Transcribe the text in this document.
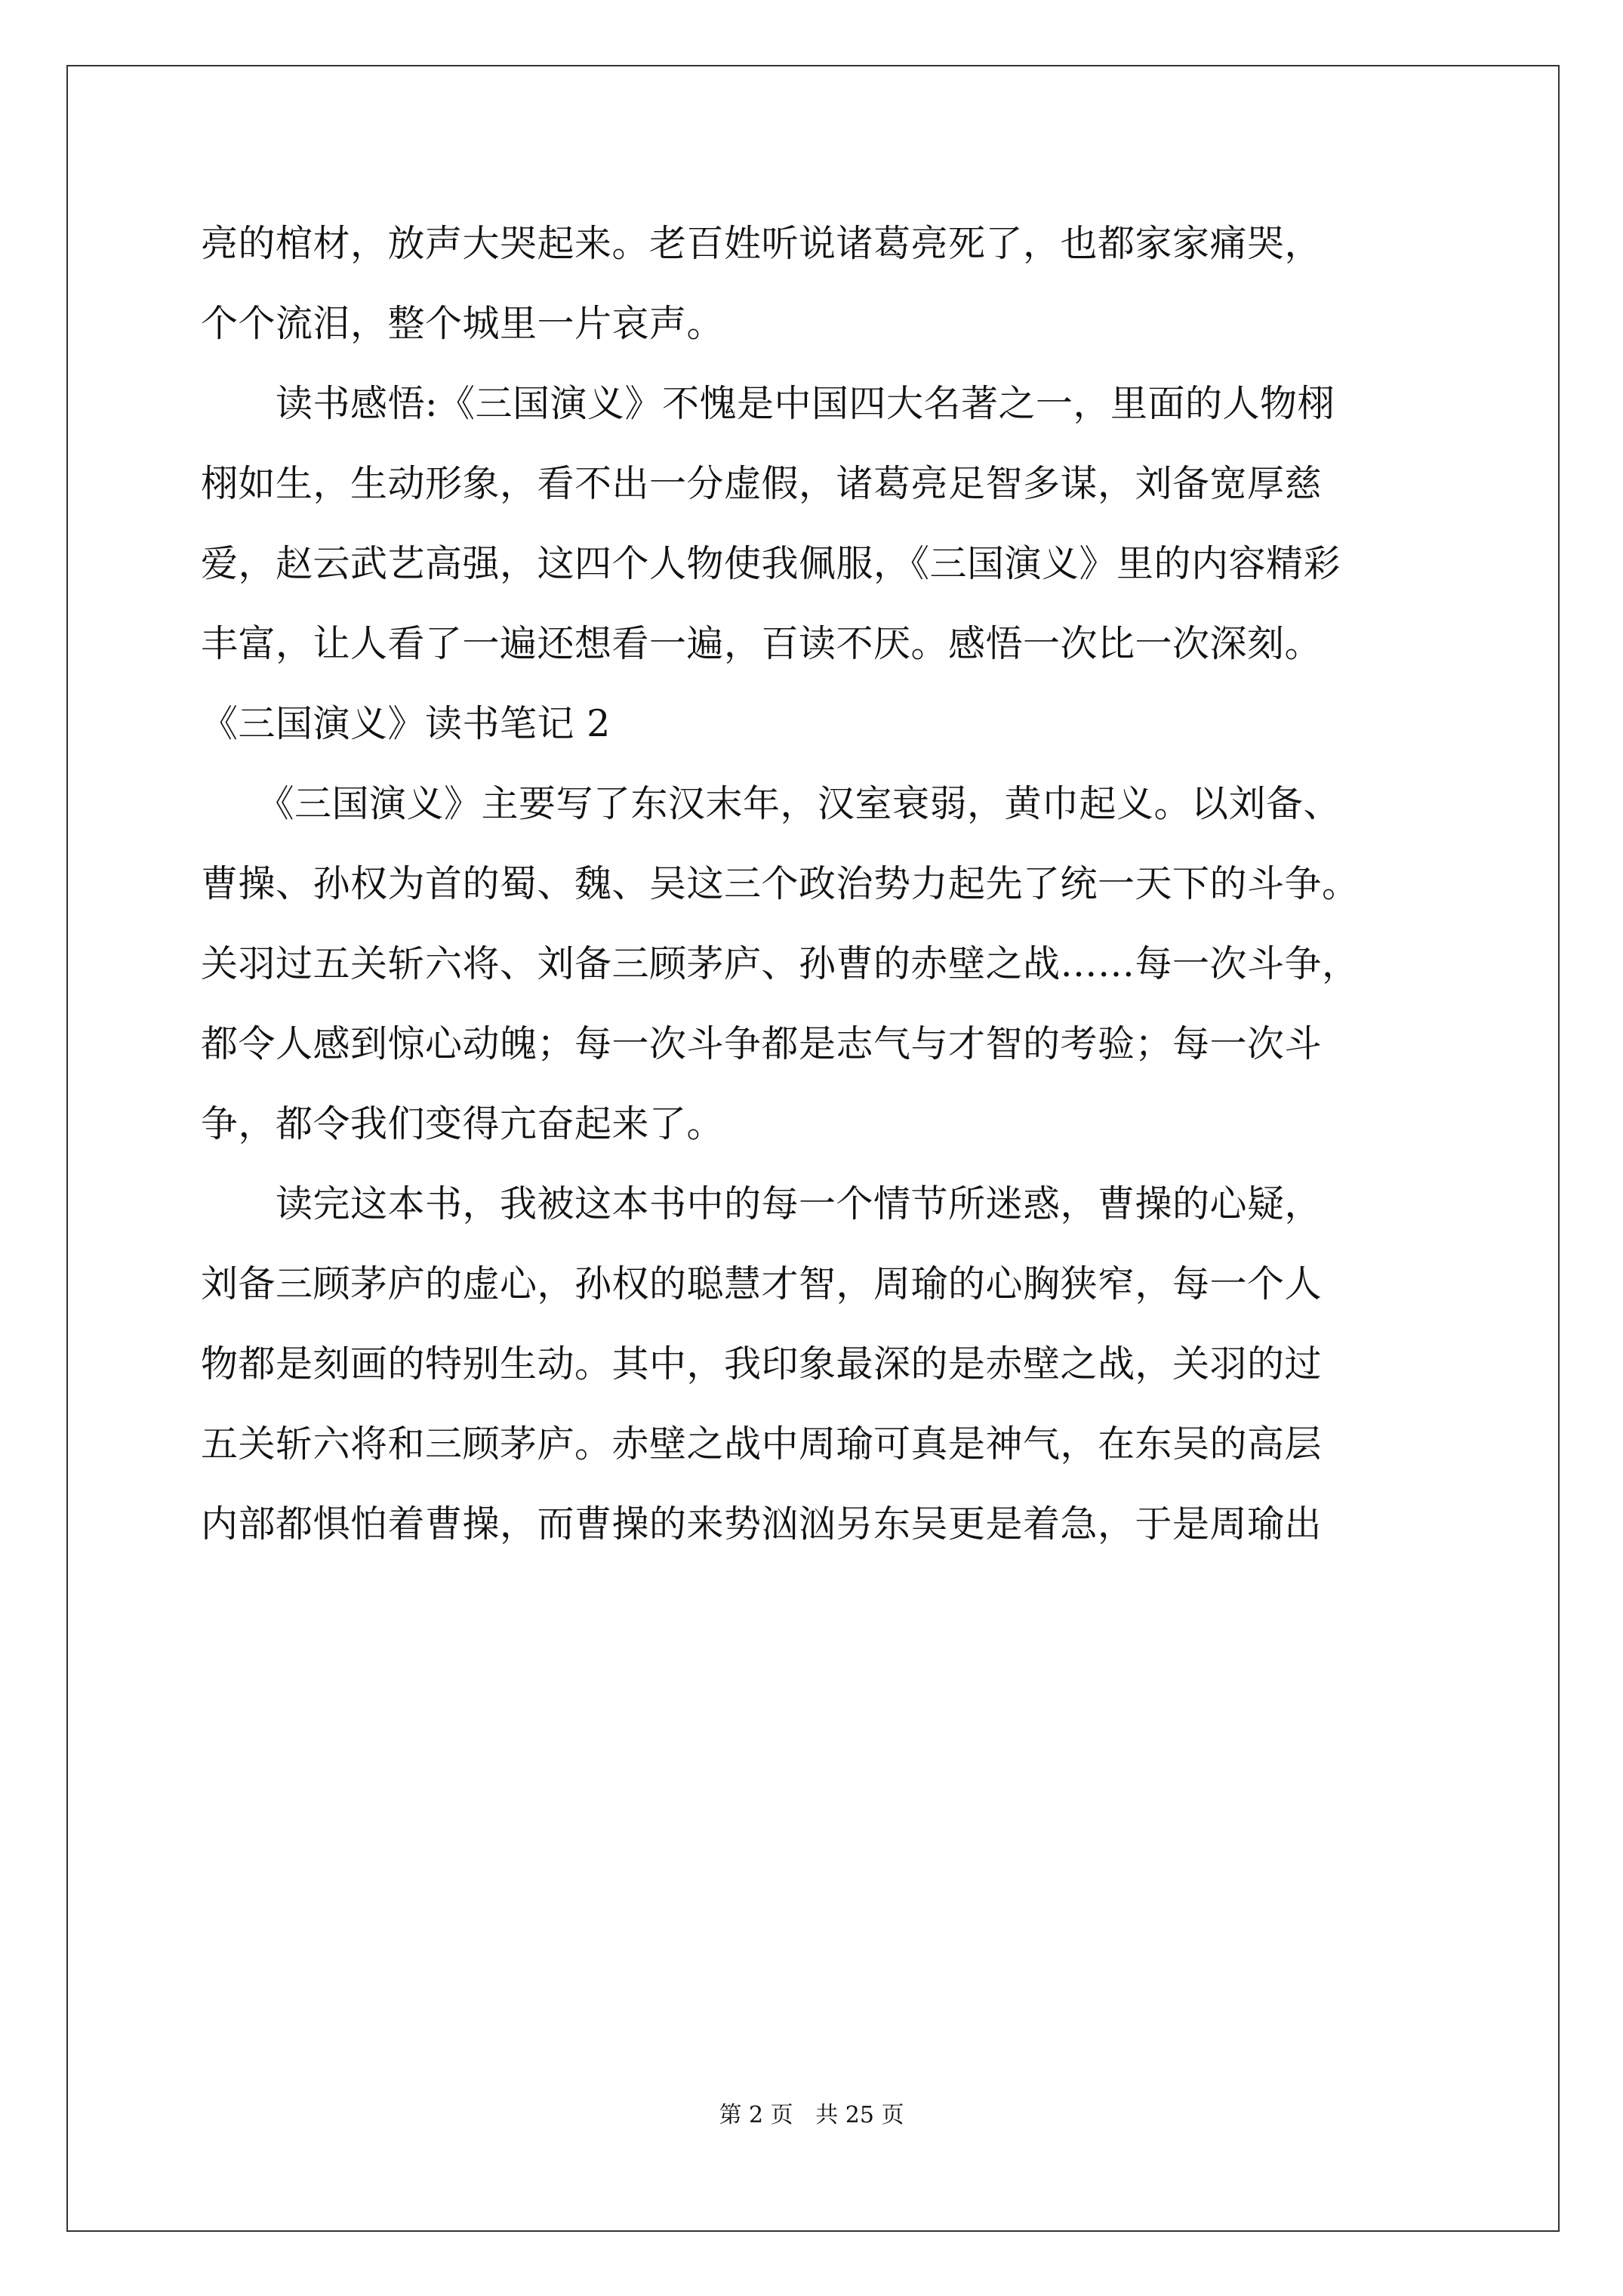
亮的棺材，放声大哭起来。老百姓听说诸葛亮死了，也都家家痛哭，
个个流泪，整个城里一片哀声。
　　读书感悟:《三国演义》不愧是中国四大名著之一，里面的人物栩
栩如生，生动形象，看不出一分虚假，诸葛亮足智多谋，刘备宽厚慈
爱，赵云武艺高强，这四个人物使我佩服，《三国演义》里的内容精彩
丰富，让人看了一遍还想看一遍，百读不厌。感悟一次比一次深刻。
《三国演义》读书笔记 2
　　《三国演义》主要写了东汉末年，汉室衰弱，黄巾起义。以刘备、
曹操、孙权为首的蜀、魏、吴这三个政治势力起先了统一天下的斗争。
关羽过五关斩六将、刘备三顾茅庐、孙曹的赤壁之战……每一次斗争，
都令人感到惊心动魄；每一次斗争都是志气与才智的考验；每一次斗
争，都令我们变得亢奋起来了。
　　读完这本书，我被这本书中的每一个情节所迷惑，曹操的心疑，
刘备三顾茅庐的虚心，孙权的聪慧才智，周瑜的心胸狭窄，每一个人
物都是刻画的特别生动。其中，我印象最深的是赤壁之战，关羽的过
五关斩六将和三顾茅庐。赤壁之战中周瑜可真是神气，在东吴的高层
内部都惧怕着曹操，而曹操的来势汹汹另东吴更是着急，于是周瑜出
第 2 页 共 25 页
